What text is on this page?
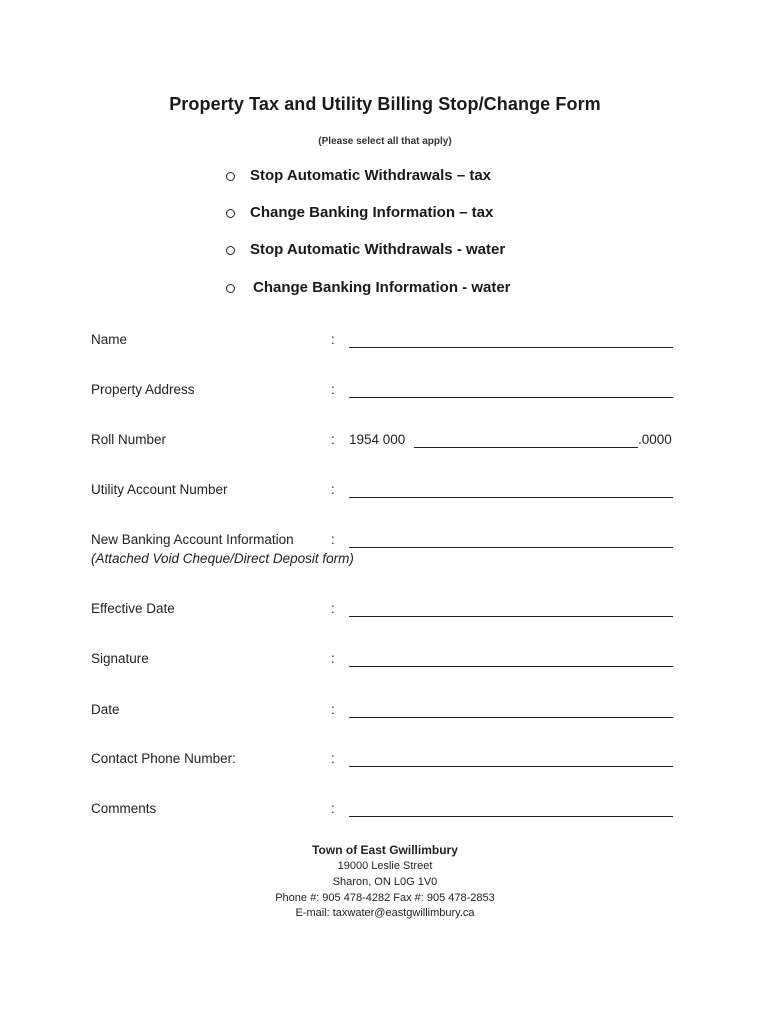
Property Tax and Utility Billing Stop/Change Form
(Please select all that apply)
Stop Automatic Withdrawals – tax
Change Banking Information – tax
Stop Automatic Withdrawals - water
Change Banking Information - water
Name	:
Property Address	:
Roll Number	: 1954 000	.0000
Utility Account Number	:
New Banking Account Information	:
(Attached Void Cheque/Direct Deposit form)
Effective Date	:
Signature	:
Date	:
Contact Phone Number:	:
Comments	:
Town of East Gwillimbury
19000 Leslie Street
Sharon, ON L0G 1V0
Phone #: 905 478-4282 Fax #: 905 478-2853
E-mail: taxwater@eastgwillimbury.ca
